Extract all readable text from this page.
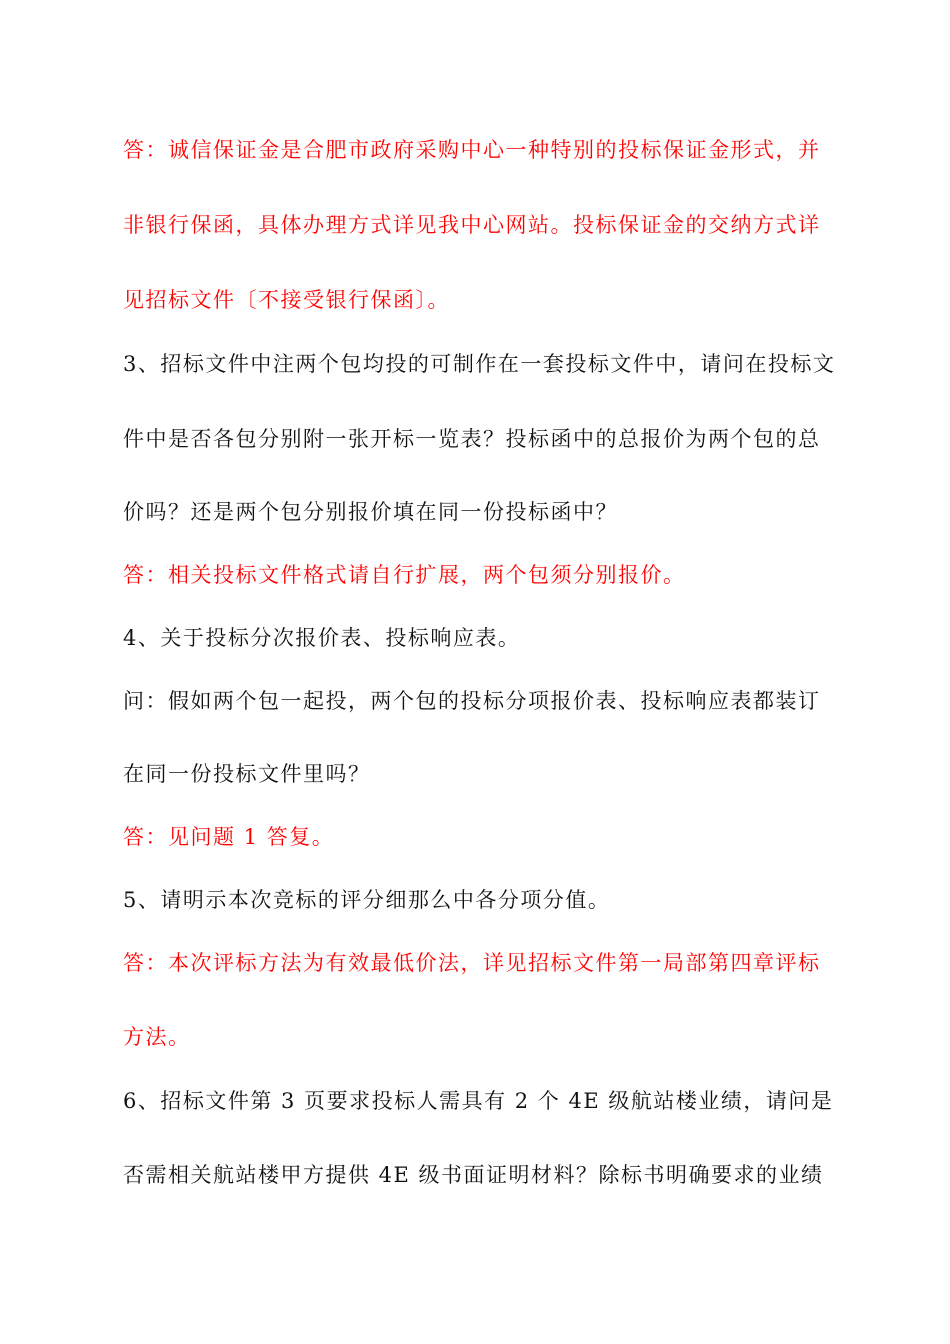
答：诚信保证金是合肥市政府采购中心一种特别的投标保证金形式，并
非银行保函，具体办理方式详见我中心网站。投标保证金的交纳方式详
见招标文件〔不接受银行保函〕。
3、招标文件中注两个包均投的可制作在一套投标文件中，请问在投标文
件中是否各包分别附一张开标一览表？投标函中的总报价为两个包的总
价吗？还是两个包分别报价填在同一份投标函中？
答：相关投标文件格式请自行扩展，两个包须分别报价。
4、关于投标分次报价表、投标响应表。
问：假如两个包一起投，两个包的投标分项报价表、投标响应表都装订
在同一份投标文件里吗？
答：见问题 1 答复。
5、请明示本次竞标的评分细那么中各分项分值。
答：本次评标方法为有效最低价法，详见招标文件第一局部第四章评标
方法。
6、招标文件第 3 页要求投标人需具有 2 个 4E 级航站楼业绩，请问是
否需相关航站楼甲方提供 4E 级书面证明材料？除标书明确要求的业绩
